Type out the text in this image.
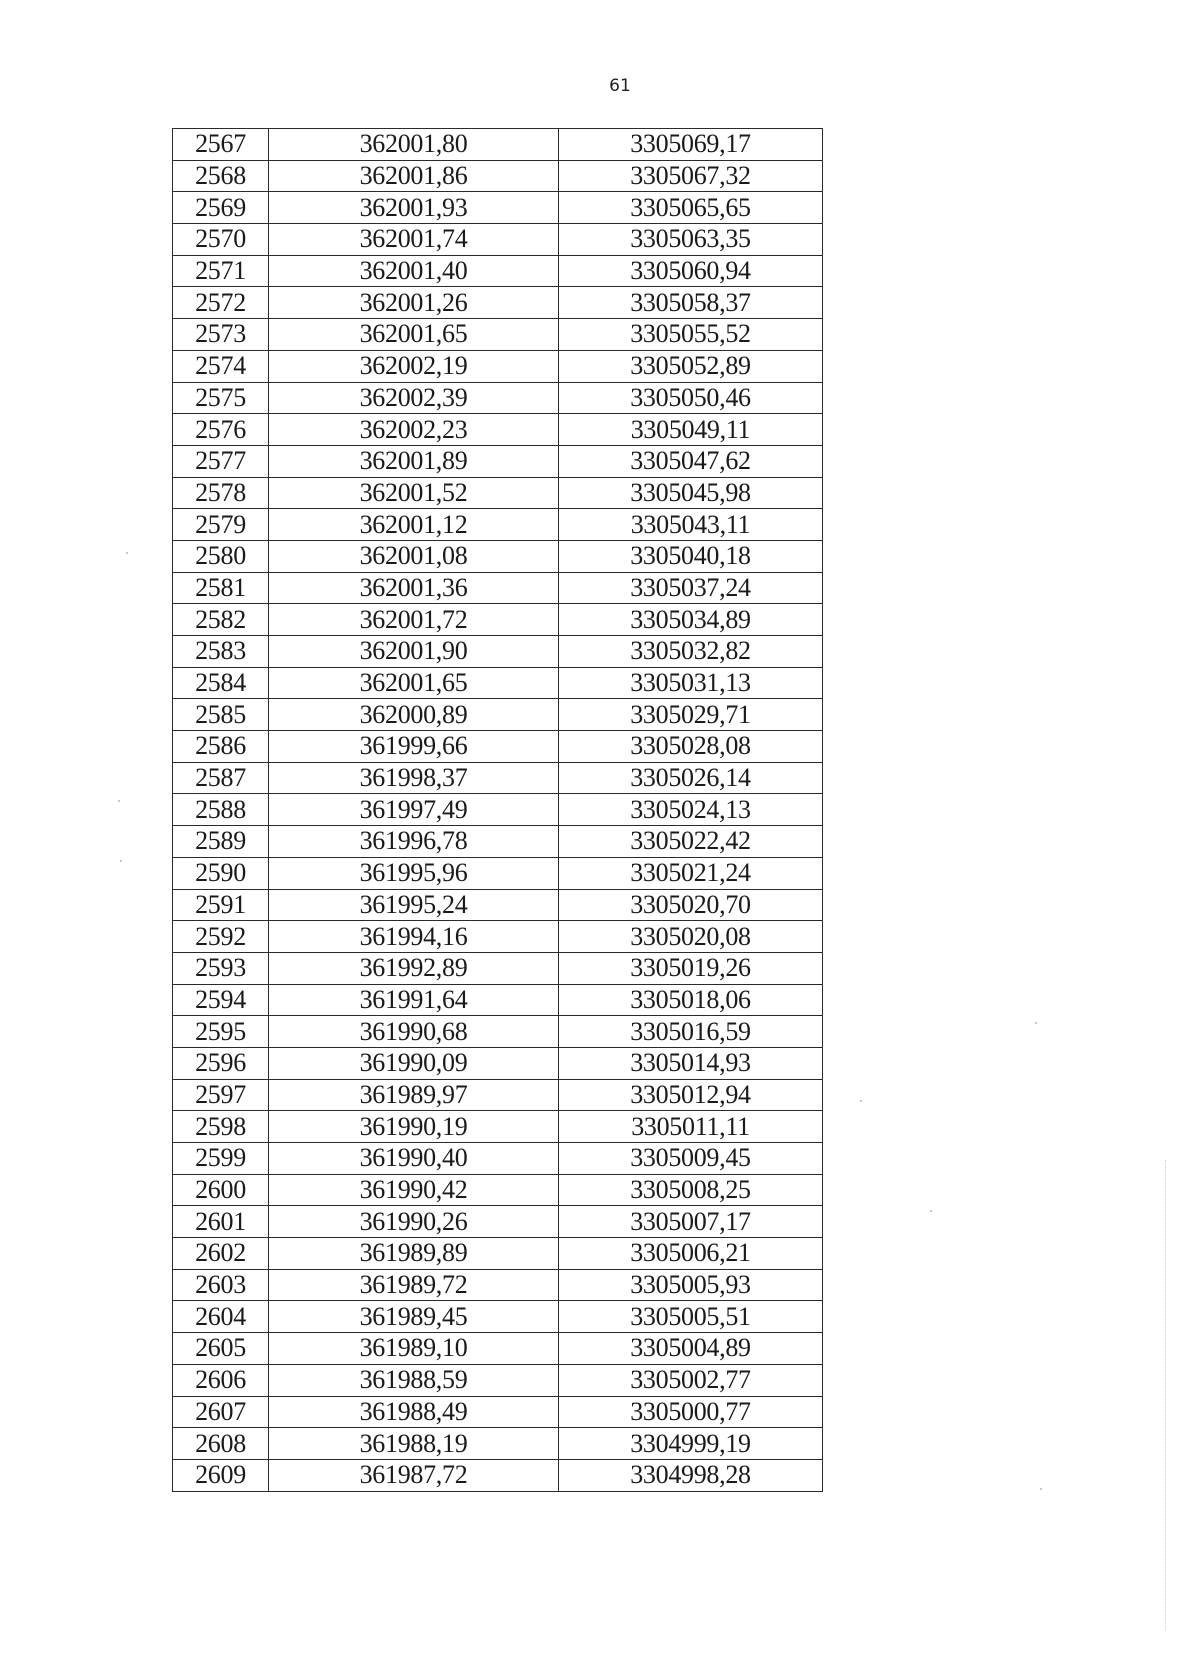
61
2567	362001,80	3305069,17
2568	362001,86	3305067,32
2569	362001,93	3305065,65
2570	362001,74	3305063,35
2571	362001,40	3305060,94
2572	362001,26	3305058,37
2573	362001,65	3305055,52
2574	362002,19	3305052,89
2575	362002,39	3305050,46
2576	362002,23	3305049,11
2577	362001,89	3305047,62
2578	362001,52	3305045,98
2579	362001,12	3305043,11
2580	362001,08	3305040,18
2581	362001,36	3305037,24
2582	362001,72	3305034,89
2583	362001,90	3305032,82
2584	362001,65	3305031,13
2585	362000,89	3305029,71
2586	361999,66	3305028,08
2587	361998,37	3305026,14
2588	361997,49	3305024,13
2589	361996,78	3305022,42
2590	361995,96	3305021,24
2591	361995,24	3305020,70
2592	361994,16	3305020,08
2593	361992,89	3305019,26
2594	361991,64	3305018,06
2595	361990,68	3305016,59
2596	361990,09	3305014,93
2597	361989,97	3305012,94
2598	361990,19	3305011,11
2599	361990,40	3305009,45
2600	361990,42	3305008,25
2601	361990,26	3305007,17
2602	361989,89	3305006,21
2603	361989,72	3305005,93
2604	361989,45	3305005,51
2605	361989,10	3305004,89
2606	361988,59	3305002,77
2607	361988,49	3305000,77
2608	361988,19	3304999,19
2609	361987,72	3304998,28
